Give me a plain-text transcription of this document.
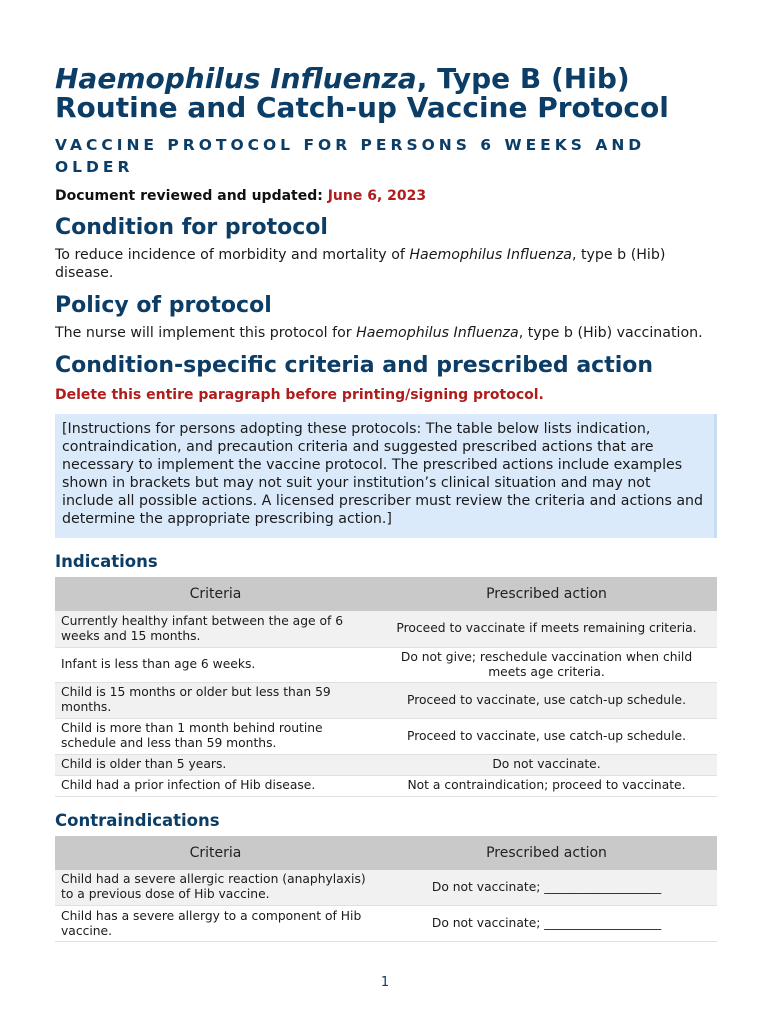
Haemophilus Influenza, Type B (Hib)
Routine and Catch-up Vaccine Protocol
VACCINE PROTOCOL FOR PERSONS 6 WEEKS AND OLDER
Document reviewed and updated: June 6, 2023
Condition for protocol

To reduce incidence of morbidity and mortality of Haemophilus Influenza, type b (Hib) disease.

Policy of protocol

The nurse will implement this protocol for Haemophilus Influenza, type b (Hib) vaccination.

Condition-specific criteria and prescribed action

Delete this entire paragraph before printing/signing protocol.

[Instructions for persons adopting these protocols: The table below lists indication, contraindication, and precaution criteria and suggested prescribed actions that are necessary to implement the vaccine protocol. The prescribed actions include examples shown in brackets but may not suit your institution’s clinical situation and may not include all possible actions. A licensed prescriber must review the criteria and actions and determine the appropriate prescribing action.]
Indications
Criteria	Prescribed action
Currently healthy infant between the age of 6 weeks and 15 months.	Proceed to vaccinate if meets remaining criteria.
Infant is less than age 6 weeks.	Do not give; reschedule vaccination when child meets age criteria.
Child is 15 months or older but less than 59 months.	Proceed to vaccinate, use catch-up schedule.
Child is more than 1 month behind routine schedule and less than 59 months.	Proceed to vaccinate, use catch-up schedule.
Child is older than 5 years.	Do not vaccinate.
Child had a prior infection of Hib disease.	Not a contraindication; proceed to vaccinate.
Contraindications
Criteria	Prescribed action
Child had a severe allergic reaction (anaphylaxis) to a previous dose of Hib vaccine.	Do not vaccinate; ___________________
Child has a severe allergy to a component of Hib vaccine.	Do not vaccinate; ___________________
1
